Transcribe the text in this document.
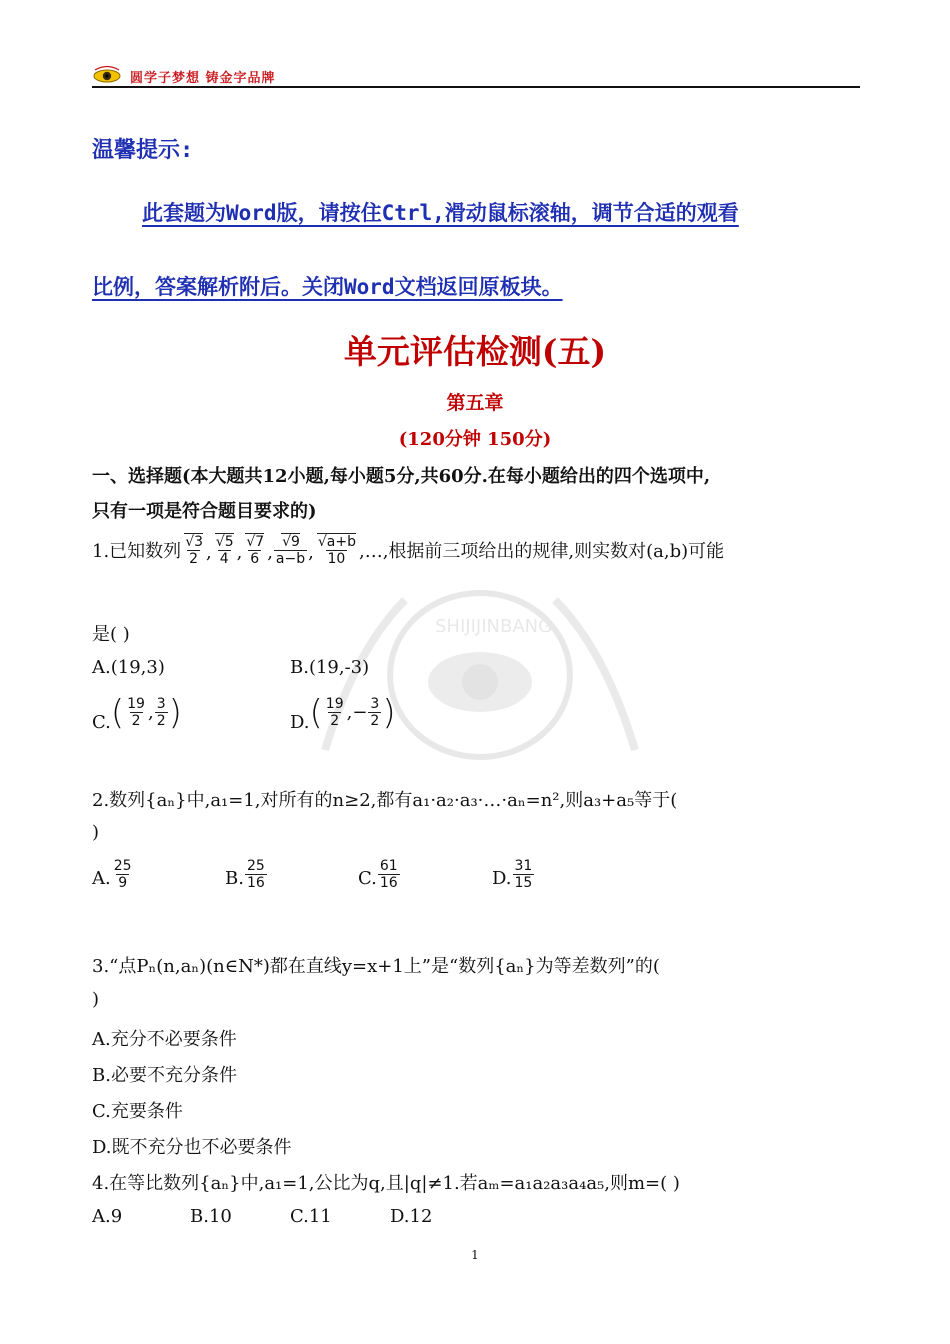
圆学子梦想 铸金字品牌
温馨提示:
此套题为Word版，请按住Ctrl,滑动鼠标滚轴，调节合适的观看
比例，答案解析附后。关闭Word文档返回原板块。
单元评估检测(五)
第五章
(120分钟 150分)
SHIJIJINBANG
一、选择题(本大题共12小题,每小题5分,共60分.在每小题给出的四个选项中,
只有一项是符合题目要求的)
1.已知数列 √ $\frac{3}{2}$ , √ $\frac{5}{4}$ , √ $\frac{7}{6}$ , √ $\frac{9}{a-b}$ , √ $\frac{a+b}{10}$ ,…,根据前三项给出的规律,则实数对(a,b)可能
是( )
A.(19,3)	B.(19,-3)
C. ( $\frac{19}{2}$ , $\frac{3}{2}$ )	D. ( $\frac{19}{2}$ ,− $\frac{3}{2}$ )
2.数列{aₙ}中,a₁=1,对所有的n≥2,都有a₁·a₂·a₃·…·aₙ=n²,则a₃+a₅等于(
)
A. $\frac{25}{9}$	B. $\frac{25}{16}$	C. $\frac{61}{16}$	D. $\frac{31}{15}$
3.“点Pₙ(n,aₙ)(n∈N*)都在直线y=x+1上”是“数列{aₙ}为等差数列”的(
)
A.充分不必要条件
B.必要不充分条件
C.充要条件
D.既不充分也不必要条件
4.在等比数列{aₙ}中,a₁=1,公比为q,且|q|≠1.若aₘ=a₁a₂a₃a₄a₅,则m=( )
A.9	B.10	C.11	D.12
1
